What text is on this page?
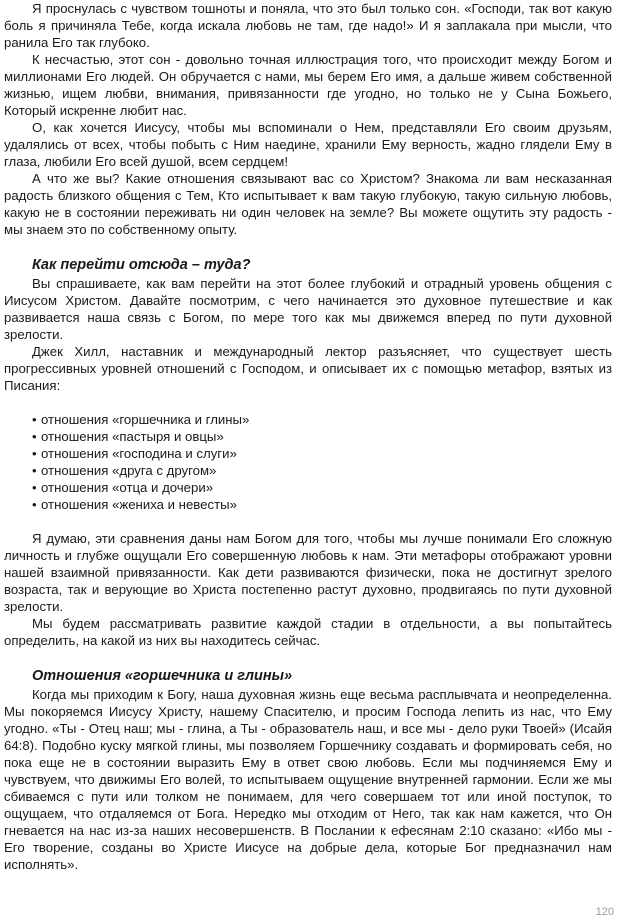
Я проснулась с чувством тошноты и поняла, что это был только сон. «Господи, так вот какую боль я причиняла Тебе, когда искала любовь не там, где надо!» И я заплакала при мысли, что ранила Его так глубоко.

К несчастью, этот сон - довольно точная иллюстрация того, что происходит между Богом и миллионами Его людей. Он обручается с нами, мы берем Его имя, а дальше живем собственной жизнью, ищем любви, внимания, привязанности где угодно, но только не у Сына Божьего, Который искренне любит нас.

О, как хочется Иисусу, чтобы мы вспоминали о Нем, представляли Его своим друзьям, удалялись от всех, чтобы побыть с Ним наедине, хранили Ему верность, жадно глядели Ему в глаза, любили Его всей душой, всем сердцем!

А что же вы? Какие отношения связывают вас со Христом? Знакома ли вам несказанная радость близкого общения с Тем, Кто испытывает к вам такую глубокую, такую сильную любовь, какую не в состоянии переживать ни один человек на земле? Вы можете ощутить эту радость - мы знаем это по собственному опыту.

Как перейти отсюда – туда?

Вы спрашиваете, как вам перейти на этот более глубокий и отрадный уровень общения с Иисусом Христом. Давайте посмотрим, с чего начинается это духовное путешествие и как развивается наша связь с Богом, по мере того как мы движемся вперед по пути духовной зрелости.

Джек Хилл, наставник и международный лектор разъясняет, что существует шесть прогрессивных уровней отношений с Господом, и описывает их с помощью метафор, взятых из Писания:

• отношения «горшечника и глины»
• отношения «пастыря и овцы»
• отношения «господина и слуги»
• отношения «друга с другом»
• отношения «отца и дочери»
• отношения «жениха и невесты»

Я думаю, эти сравнения даны нам Богом для того, чтобы мы лучше понимали Его сложную личность и глубже ощущали Его совершенную любовь к нам. Эти метафоры отображают уровни нашей взаимной привязанности. Как дети развиваются физически, пока не достигнут зрелого возраста, так и верующие во Христа постепенно растут духовно, продвигаясь по пути духовной зрелости.

Мы будем рассматривать развитие каждой стадии в отдельности, а вы попытайтесь определить, на какой из них вы находитесь сейчас.

Отношения «горшечника и глины»

Когда мы приходим к Богу, наша духовная жизнь еще весьма расплывчата и неопределенна. Мы покоряемся Иисусу Христу, нашему Спасителю, и просим Господа лепить из нас, что Ему угодно. «Ты - Отец наш; мы - глина, а Ты - образователь наш, и все мы - дело руки Твоей» (Исайя 64:8). Подобно куску мягкой глины, мы позволяем Горшечнику создавать и формировать себя, но пока еще не в состоянии выразить Ему в ответ свою любовь. Если мы подчиняемся Ему и чувствуем, что движимы Его волей, то испытываем ощущение внутренней гармонии. Если же мы сбиваемся с пути или толком не понимаем, для чего совершаем тот или иной поступок, то ощущаем, что отдаляемся от Бога. Нередко мы отходим от Него, так как нам кажется, что Он гневается на нас из-за наших несовершенств. В Послании к ефесянам 2:10 сказано: «Ибо мы - Его творение, созданы во Христе Иисусе на добрые дела, которые Бог предназначил нам исполнять».

120
